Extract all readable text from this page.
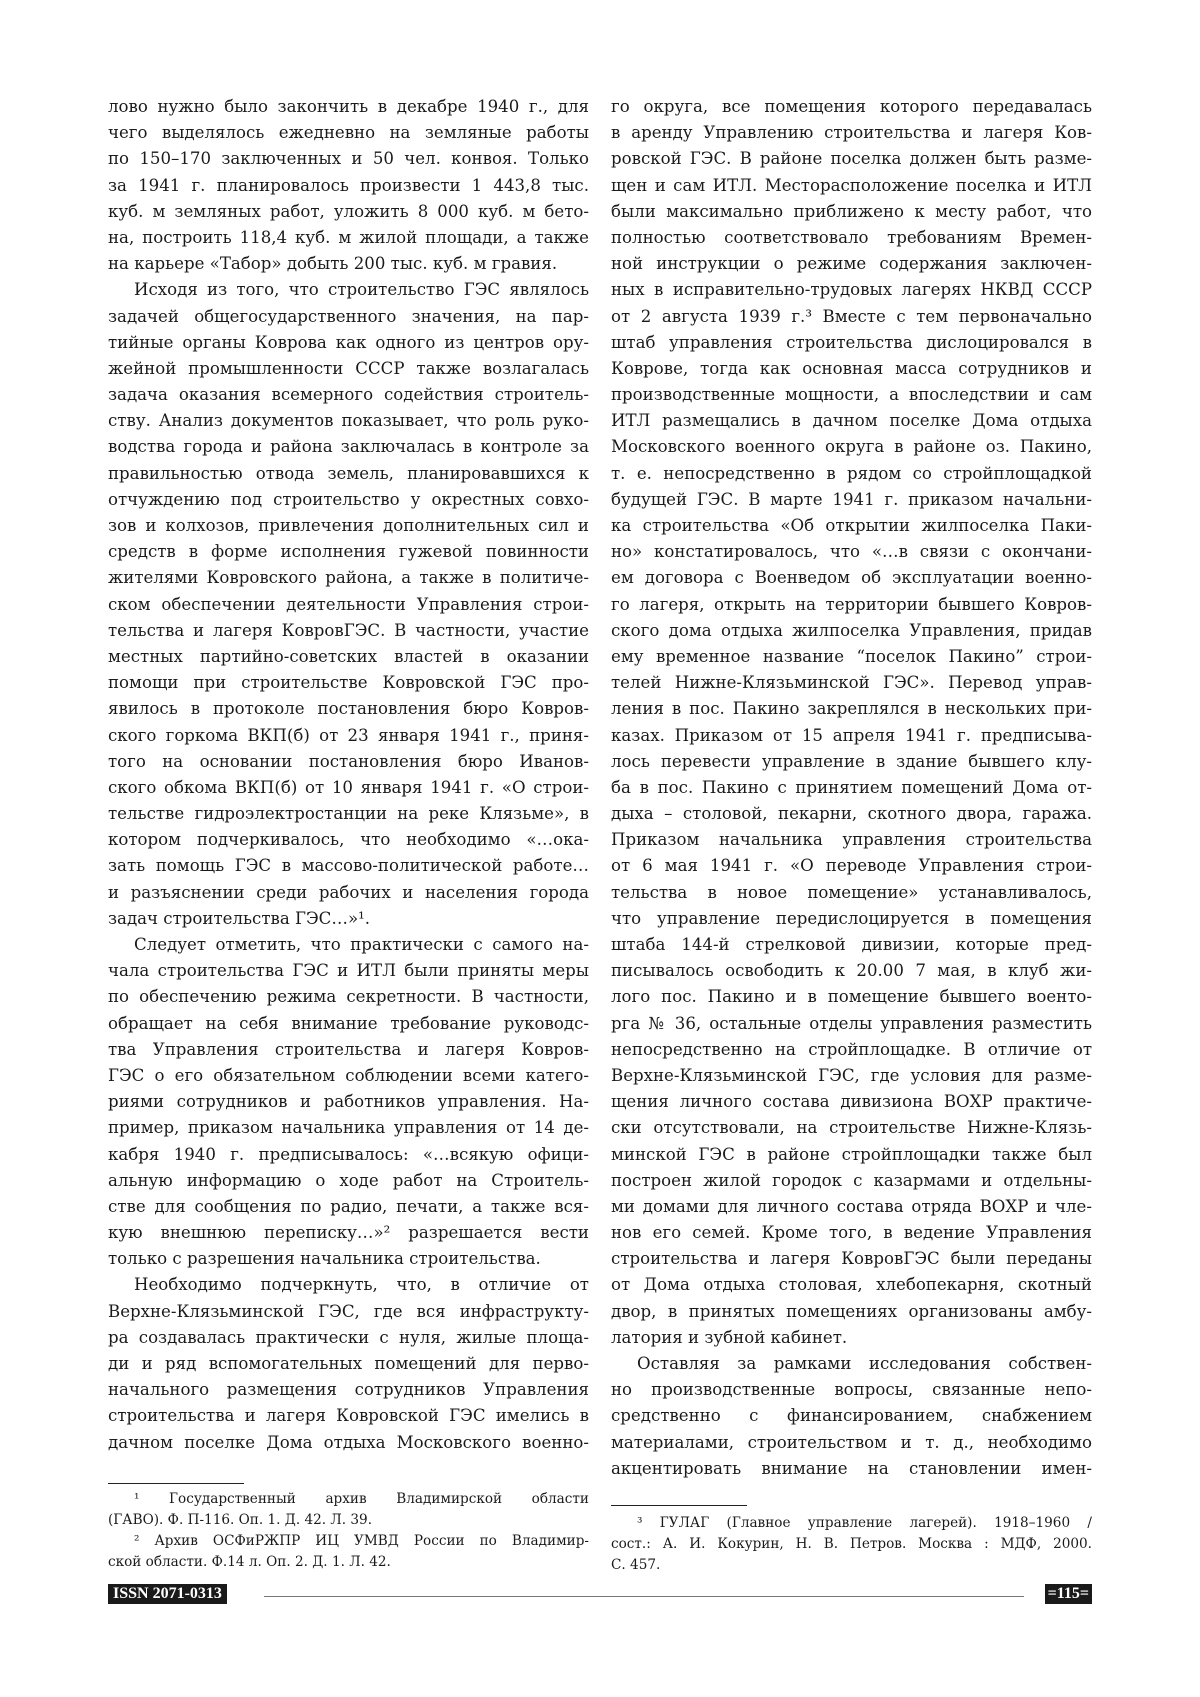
лово нужно было закончить в декабре 1940 г., для
чего выделялось ежедневно на земляные работы
по 150–170 заключенных и 50 чел. конвоя. Только
за 1941 г. планировалось произвести 1 443,8 тыс.
куб. м земляных работ, уложить 8 000 куб. м бето-
на, построить 118,4 куб. м жилой площади, а также
на карьере «Табор» добыть 200 тыс. куб. м гравия.
Исходя из того, что строительство ГЭС являлось
задачей общегосударственного значения, на пар-
тийные органы Коврова как одного из центров ору-
жейной промышленности СССР также возлагалась
задача оказания всемерного содействия строитель-
ству. Анализ документов показывает, что роль руко-
водства города и района заключалась в контроле за
правильностью отвода земель, планировавшихся к
отчуждению под строительство у окрестных совхо-
зов и колхозов, привлечения дополнительных сил и
средств в форме исполнения гужевой повинности
жителями Ковровского района, а также в политиче-
ском обеспечении деятельности Управления строи-
тельства и лагеря КовровГЭС. В частности, участие
местных партийно-советских властей в оказании
помощи при строительстве Ковровской ГЭС про-
явилось в протоколе постановления бюро Ковров-
ского горкома ВКП(б) от 23 января 1941 г., приня-
того на основании постановления бюро Иванов-
ского обкома ВКП(б) от 10 января 1941 г. «О строи-
тельстве гидроэлектростанции на реке Клязьме», в
котором подчеркивалось, что необходимо «…ока-
зать помощь ГЭС в массово-политической работе…
и разъяснении среди рабочих и населения города
задач строительства ГЭС…»¹.
Следует отметить, что практически с самого на-
чала строительства ГЭС и ИТЛ были приняты меры
по обеспечению режима секретности. В частности,
обращает на себя внимание требование руководс-
тва Управления строительства и лагеря Ковров-
ГЭС о его обязательном соблюдении всеми катего-
риями сотрудников и работников управления. На-
пример, приказом начальника управления от 14 де-
кабря 1940 г. предписывалось: «…всякую офици-
альную информацию о ходе работ на Строитель-
стве для сообщения по радио, печати, а также вся-
кую внешнюю переписку…»² разрешается вести
только с разрешения начальника строительства.
Необходимо подчеркнуть, что, в отличие от
Верхне-Клязьминской ГЭС, где вся инфраструкту-
ра создавалась практически с нуля, жилые площа-
ди и ряд вспомогательных помещений для перво-
начального размещения сотрудников Управления
строительства и лагеря Ковровской ГЭС имелись в
дачном поселке Дома отдыха Московского военно-
го округа, все помещения которого передавалась
в аренду Управлению строительства и лагеря Ков-
ровской ГЭС. В районе поселка должен быть разме-
щен и сам ИТЛ. Месторасположение поселка и ИТЛ
были максимально приближено к месту работ, что
полностью соответствовало требованиям Времен-
ной инструкции о режиме содержания заключен-
ных в исправительно-трудовых лагерях НКВД СССР
от 2 августа 1939 г.³ Вместе с тем первоначально
штаб управления строительства дислоцировался в
Коврове, тогда как основная масса сотрудников и
производственные мощности, а впоследствии и сам
ИТЛ размещались в дачном поселке Дома отдыха
Московского военного округа в районе оз. Пакино,
т. е. непосредственно в рядом со стройплощадкой
будущей ГЭС. В марте 1941 г. приказом начальни-
ка строительства «Об открытии жилпоселка Паки-
но» констатировалось, что «…в связи с окончани-
ем договора с Военведом об эксплуатации военно-
го лагеря, открыть на территории бывшего Ковров-
ского дома отдыха жилпоселка Управления, придав
ему временное название “поселок Пакино” строи-
телей Нижне-Клязьминской ГЭС». Перевод управ-
ления в пос. Пакино закреплялся в нескольких при-
казах. Приказом от 15 апреля 1941 г. предписыва-
лось перевести управление в здание бывшего клу-
ба в пос. Пакино с принятием помещений Дома от-
дыха – столовой, пекарни, скотного двора, гаража.
Приказом начальника управления строительства
от 6 мая 1941 г. «О переводе Управления строи-
тельства в новое помещение» устанавливалось,
что управление передислоцируется в помещения
штаба 144-й стрелковой дивизии, которые пред-
писывалось освободить к 20.00 7 мая, в клуб жи-
лого пос. Пакино и в помещение бывшего военто-
рга № 36, остальные отделы управления разместить
непосредственно на стройплощадке. В отличие от
Верхне-Клязьминской ГЭС, где условия для разме-
щения личного состава дивизиона ВОХР практиче-
ски отсутствовали, на строительстве Нижне-Клязь-
минской ГЭС в районе стройплощадки также был
построен жилой городок с казармами и отдельны-
ми домами для личного состава отряда ВОХР и чле-
нов его семей. Кроме того, в ведение Управления
строительства и лагеря КовровГЭС были переданы
от Дома отдыха столовая, хлебопекарня, скотный
двор, в принятых помещениях организованы амбу-
латория и зубной кабинет.
Оставляя за рамками исследования собствен-
но производственные вопросы, связанные непо-
средственно с финансированием, снабжением
материалами, строительством и т. д., необходимо
акцентировать внимание на становлении имен-
¹ Государственный архив Владимирской области
(ГАВО). Ф. П-116. Оп. 1. Д. 42. Л. 39.
² Архив ОСФиРЖПР ИЦ УМВД России по Владимир-
ской области. Ф.14 л. Оп. 2. Д. 1. Л. 42.
³ ГУЛАГ (Главное управление лагерей). 1918–1960 /
сост.: А. И. Кокурин, Н. В. Петров. Москва : МДФ, 2000.
С. 457.
ISSN 2071-0313	=115=
